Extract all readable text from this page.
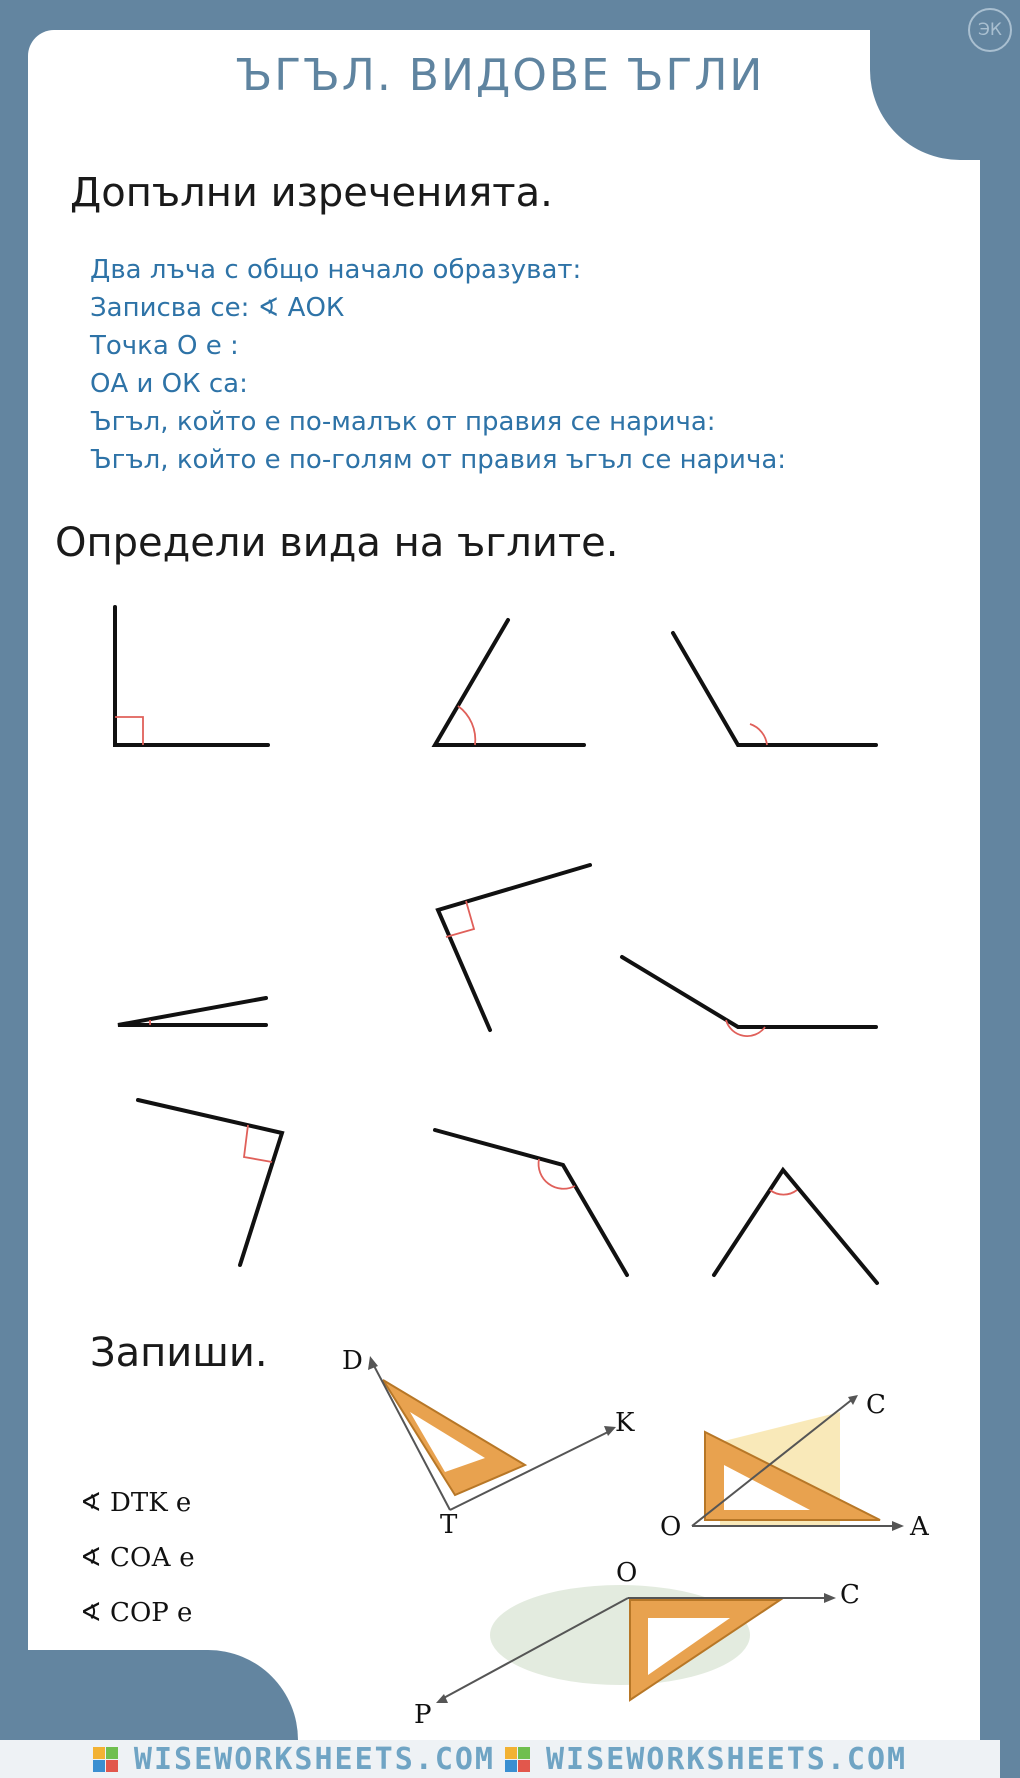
ЭК
ЪГЪЛ. ВИДОВЕ ЪГЛИ
Допълни изреченията.
Два лъча с общо начало образуват:
Записва се: ∢ АОК
Точка О е :
ОА и ОК са:
Ъгъл, който е по-малък от правия се нарича:
Ъгъл, който е по-голям от правия ъгъл се нарича:
Определи вида на ъглите.
Запиши.
∢ DTK е
∢ СОА е
∢ СОР е
D
K
T
C
O	A
O
C
P
WISEWORKSHEETS.COM WISEWORKSHEETS.COM
